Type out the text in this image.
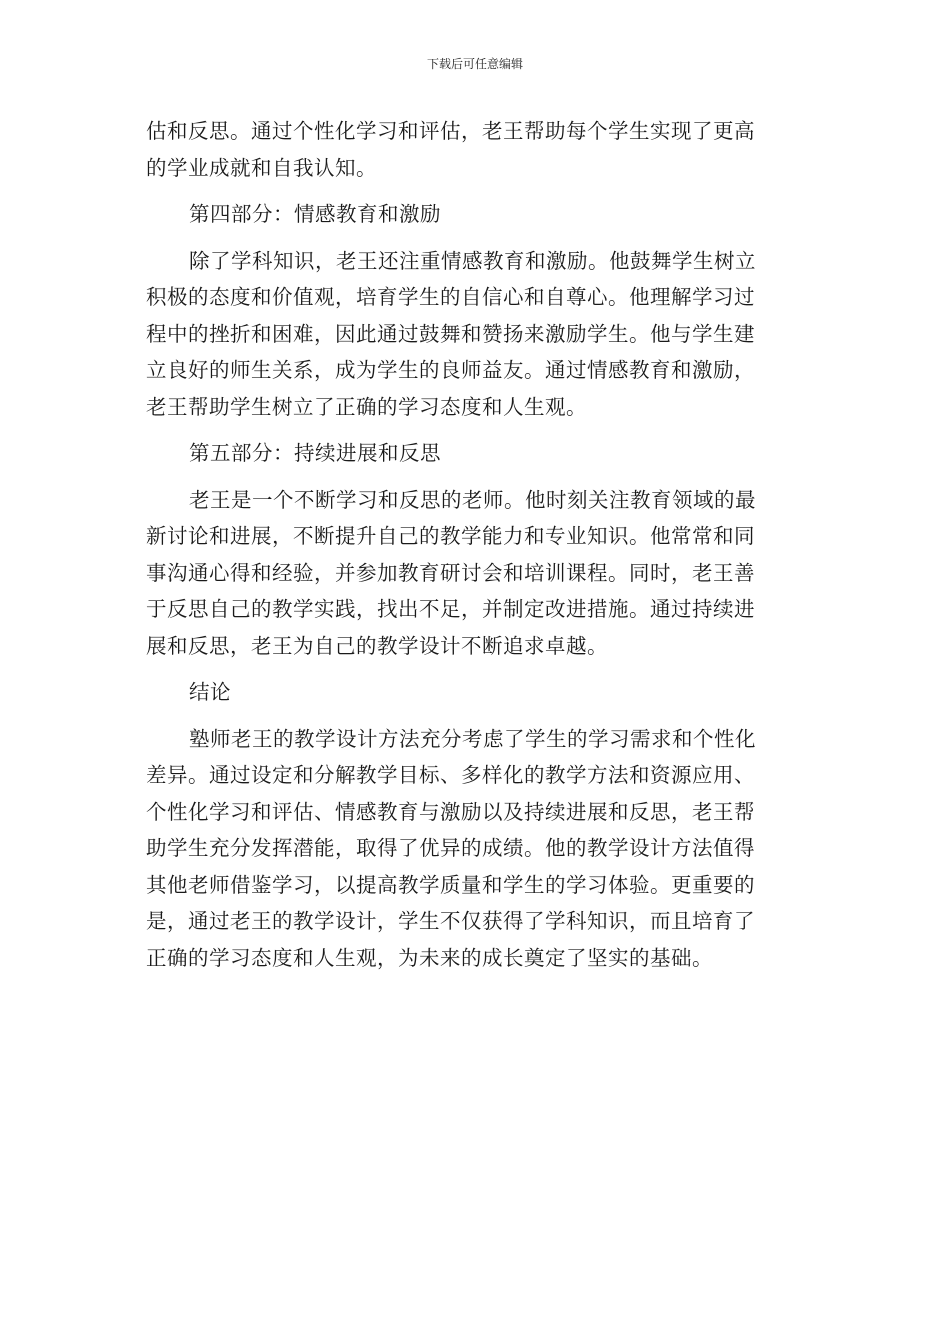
下载后可任意编辑

估和反思。通过个性化学习和评估，老王帮助每个学生实现了更高
的学业成就和自我认知。

第四部分：情感教育和激励

除了学科知识，老王还注重情感教育和激励。他鼓舞学生树立
积极的态度和价值观，培育学生的自信心和自尊心。他理解学习过
程中的挫折和困难，因此通过鼓舞和赞扬来激励学生。他与学生建
立良好的师生关系，成为学生的良师益友。通过情感教育和激励，
老王帮助学生树立了正确的学习态度和人生观。

第五部分：持续进展和反思

老王是一个不断学习和反思的老师。他时刻关注教育领域的最
新讨论和进展，不断提升自己的教学能力和专业知识。他常常和同
事沟通心得和经验，并参加教育研讨会和培训课程。同时，老王善
于反思自己的教学实践，找出不足，并制定改进措施。通过持续进
展和反思，老王为自己的教学设计不断追求卓越。

结论

塾师老王的教学设计方法充分考虑了学生的学习需求和个性化
差异。通过设定和分解教学目标、多样化的教学方法和资源应用、
个性化学习和评估、情感教育与激励以及持续进展和反思，老王帮
助学生充分发挥潜能，取得了优异的成绩。他的教学设计方法值得
其他老师借鉴学习，以提高教学质量和学生的学习体验。更重要的
是，通过老王的教学设计，学生不仅获得了学科知识，而且培育了
正确的学习态度和人生观，为未来的成长奠定了坚实的基础。
